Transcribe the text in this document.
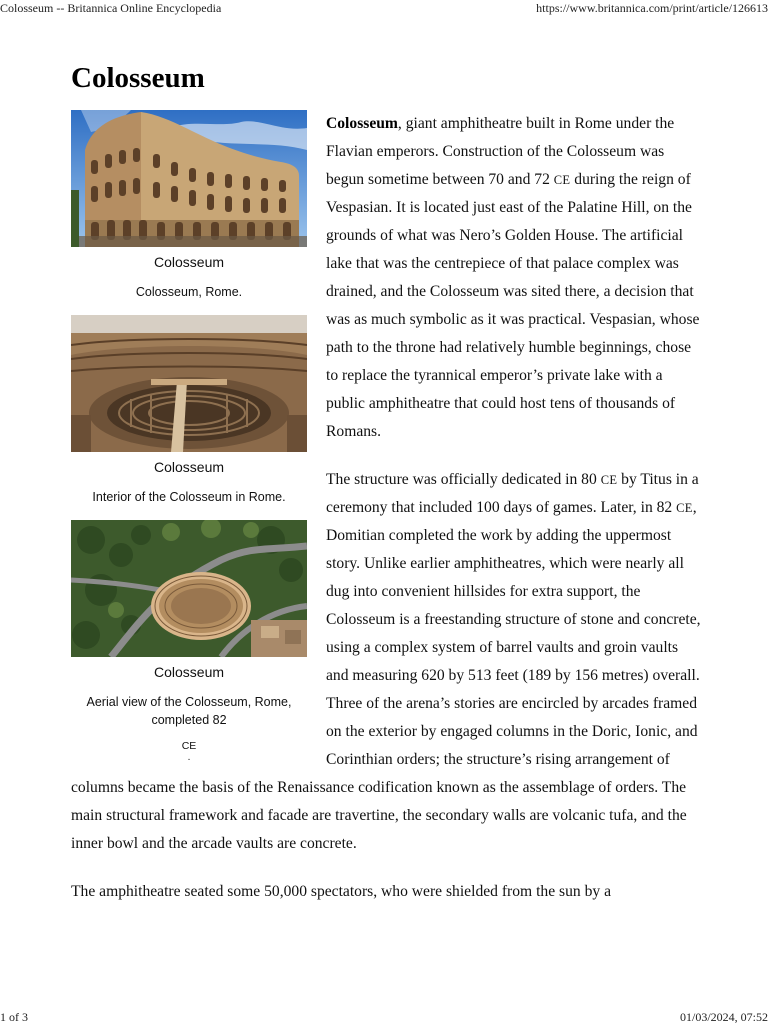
Colosseum -- Britannica Online Encyclopedia	https://www.britannica.com/print/article/126613
Colosseum
Colosseum
Colosseum, Rome.
Colosseum
Interior of the Colosseum in Rome.
Colosseum
Aerial view of the Colosseum, Rome, completed 82
CE
.

Colosseum, giant amphitheatre built in Rome under the Flavian emperors. Construction of the Colosseum was begun sometime between 70 and 72 CE during the reign of Vespasian. It is located just east of the Palatine Hill, on the grounds of what was Nero’s Golden House. The artificial lake that was the centrepiece of that palace complex was drained, and the Colosseum was sited there, a decision that was as much symbolic as it was practical. Vespasian, whose path to the throne had relatively humble beginnings, chose to replace the tyrannical emperor’s private lake with a public amphitheatre that could host tens of thousands of Romans.

The structure was officially dedicated in 80 CE by Titus in a ceremony that included 100 days of games. Later, in 82 CE, Domitian completed the work by adding the uppermost story. Unlike earlier amphitheatres, which were nearly all dug into convenient hillsides for extra support, the Colosseum is a freestanding structure of stone and concrete, using a complex system of barrel vaults and groin vaults and measuring 620 by 513 feet (189 by 156 metres) overall. Three of the arena’s stories are encircled by arcades framed on the exterior by engaged columns in the Doric, Ionic, and Corinthian orders; the structure’s rising arrangement of columns became the basis of the Renaissance codification known as the assemblage of orders. The main structural framework and facade are travertine, the secondary walls are volcanic tufa, and the inner bowl and the arcade vaults are concrete.

The amphitheatre seated some 50,000 spectators, who were shielded from the sun by a

1 of 3	01/03/2024, 07:52
